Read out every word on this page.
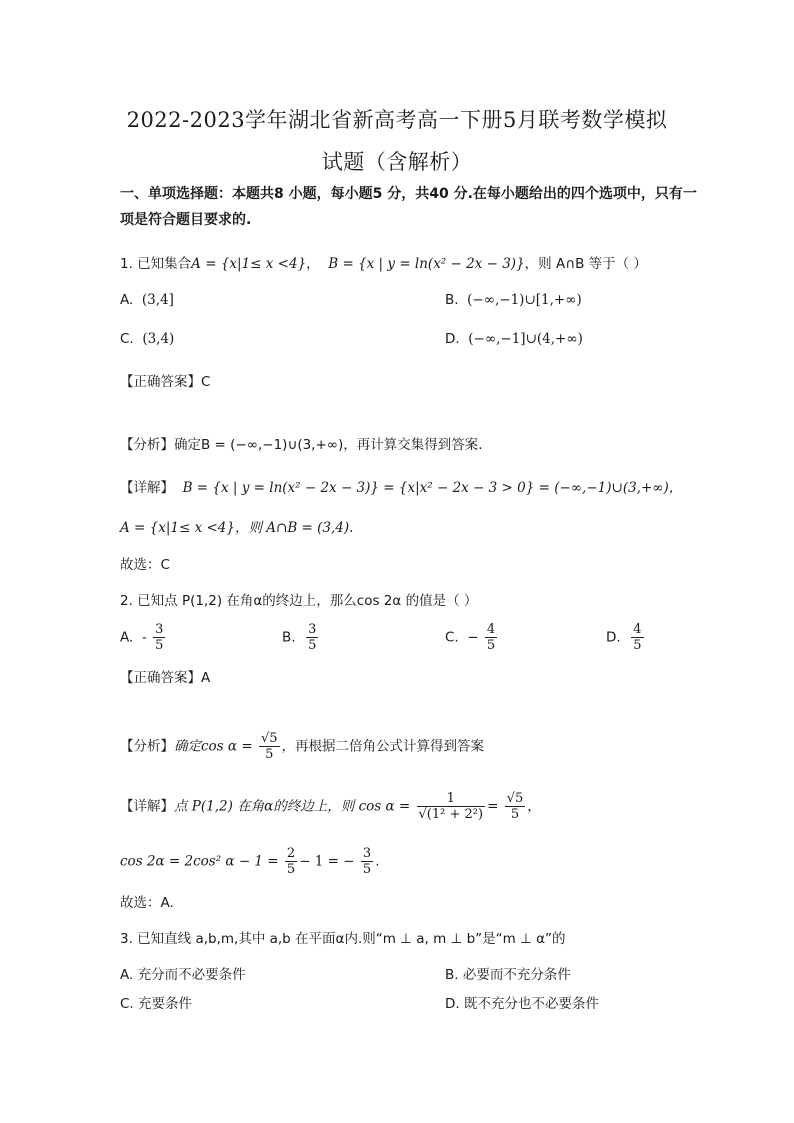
2022-2023学年湖北省新高考高一下册5月联考数学模拟
试题（含解析）
一、单项选择题：本题共8 小题，每小题5 分，共40 分.在每小题给出的四个选项中，只有一项是符合题目要求的.
1. 已知集合A = {x|1≤ x <4}，  B = {x | y = ln(x² − 2x − 3)}，则 A∩B 等于（ ）
A. (3,4]	B. (−∞,−1)∪[1,+∞)
C. (3,4)	D. (−∞,−1]∪(4,+∞)
【正确答案】C
【分析】确定B = (−∞,−1)∪(3,+∞)，再计算交集得到答案.
【详解】 B = {x | y = ln(x² − 2x − 3)} = {x|x² − 2x − 3 > 0} = (−∞,−1)∪(3,+∞)，
A = {x|1≤ x <4}，则 A∩B = (3,4).
故选：C
2. 已知点 P(1,2) 在角α的终边上，那么cos 2α 的值是（ ）
A. - $\frac{3}{5}$	B. $\frac{3}{5}$	C. − $\frac{4}{5}$	D. $\frac{4}{5}$
【正确答案】A
【分析】确定$\cos \alpha = \frac{√5}{5}$ ，再根据二倍角公式计算得到答案
【详解】点 P(1,2) 在角α的终边上，则 $\cos \alpha = \frac{1}{\text{√(1² + 2²)}} = \frac{√5}{5}$ ，
cos 2α = 2cos² $\alpha - 1 = \frac{2}{5} - 1$ = − $\frac{3}{5}$ .
故选：A.
3. 已知直线 a,b,m,其中 a,b 在平面α内.则“m ⊥ a, m ⊥ b”是“m ⊥ α”的
A. 充分而不必要条件	B. 必要而不充分条件
C. 充要条件	D. 既不充分也不必要条件
